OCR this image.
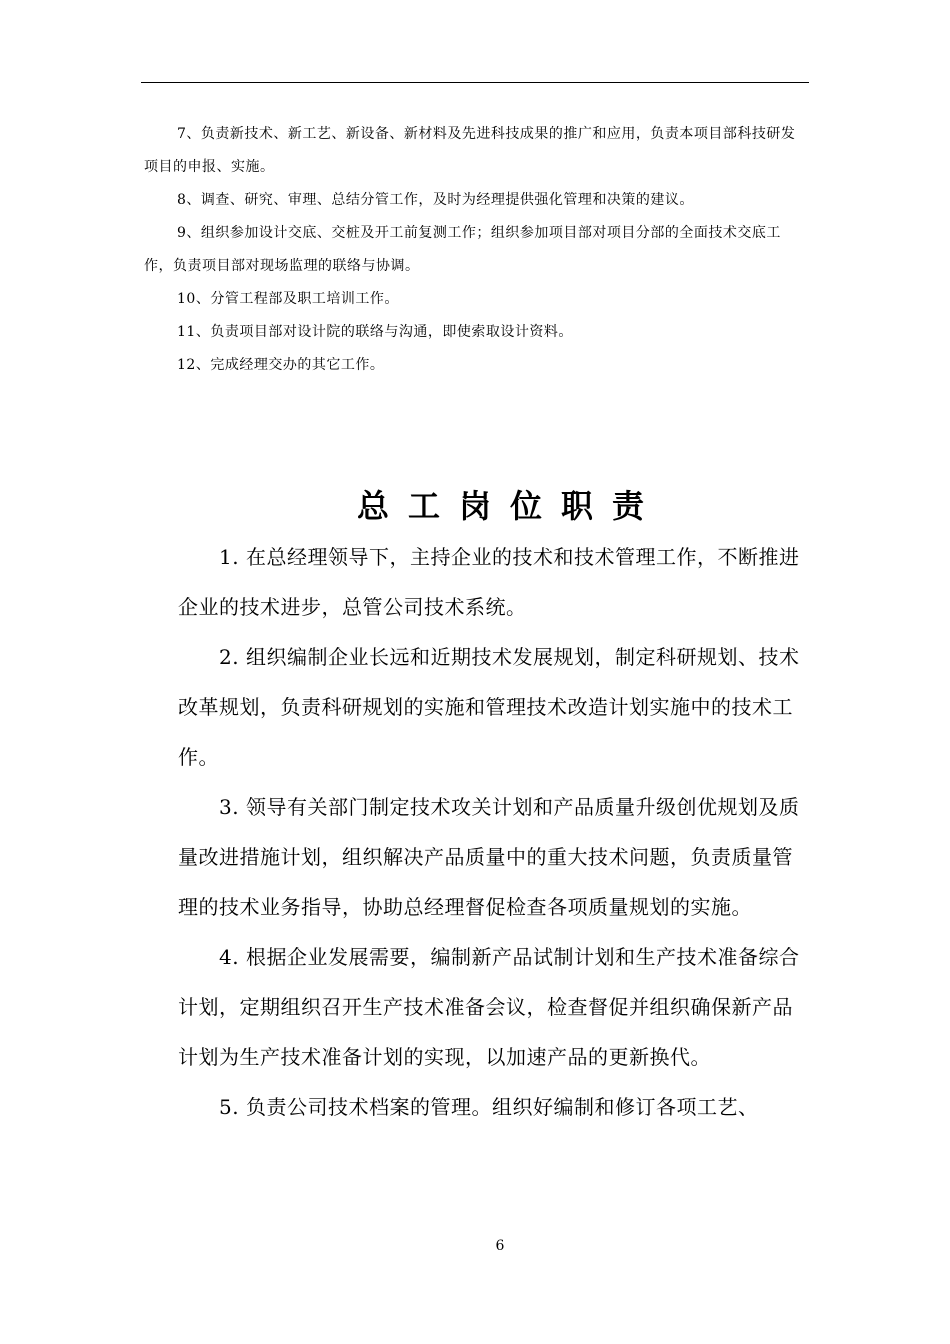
7、负责新技术、新工艺、新设备、新材料及先进科技成果的推广和应用，负责本项目部科技研发项目的申报、实施。

8、调查、研究、审理、总结分管工作，及时为经理提供强化管理和决策的建议。

9、组织参加设计交底、交桩及开工前复测工作；组织参加项目部对项目分部的全面技术交底工作，负责项目部对现场监理的联络与协调。

10、分管工程部及职工培训工作。

11、负责项目部对设计院的联络与沟通，即使索取设计资料。

12、完成经理交办的其它工作。

总工岗位职责

1. 在总经理领导下，主持企业的技术和技术管理工作，不断推进企业的技术进步，总管公司技术系统。

2. 组织编制企业长远和近期技术发展规划，制定科研规划、技术改革规划，负责科研规划的实施和管理技术改造计划实施中的技术工作。

3. 领导有关部门制定技术攻关计划和产品质量升级创优规划及质量改进措施计划，组织解决产品质量中的重大技术问题，负责质量管理的技术业务指导，协助总经理督促检查各项质量规划的实施。

4. 根据企业发展需要，编制新产品试制计划和生产技术准备综合计划，定期组织召开生产技术准备会议，检查督促并组织确保新产品计划为生产技术准备计划的实现，以加速产品的更新换代。

5. 负责公司技术档案的管理。组织好编制和修订各项工艺、

6
